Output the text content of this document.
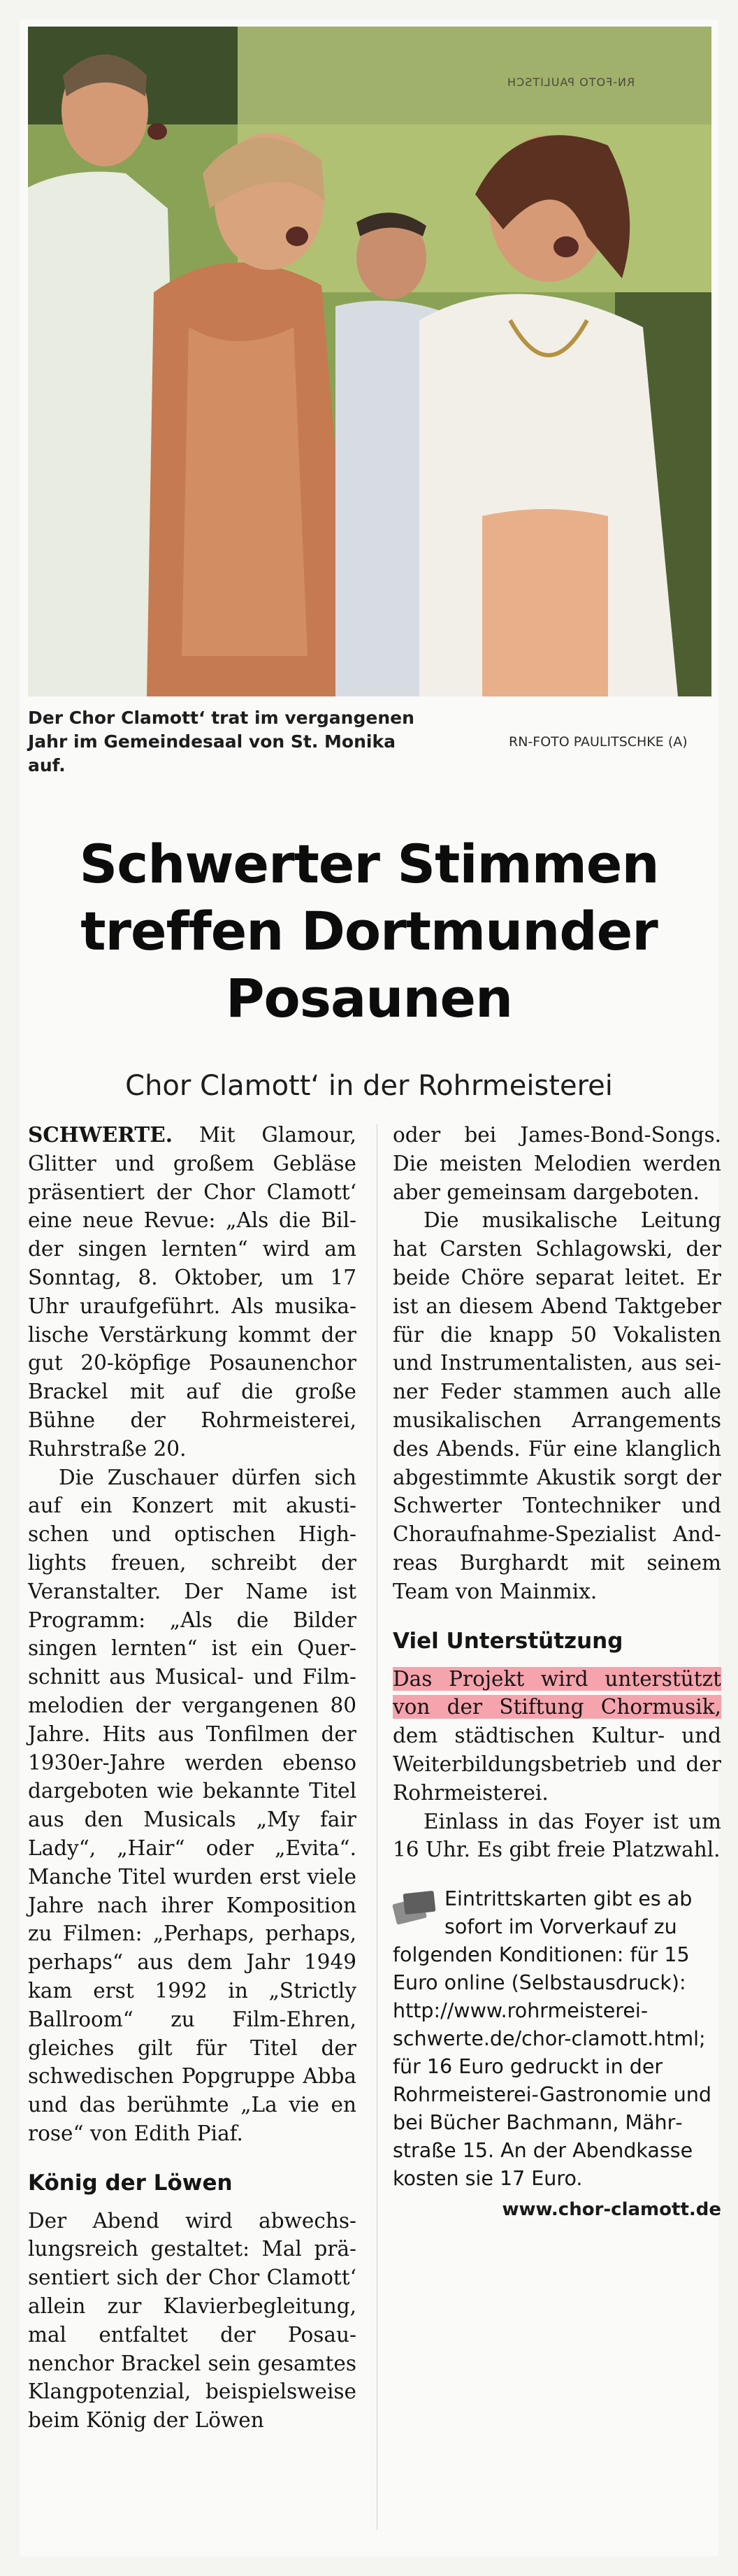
RN-FOTO PAULITSCH
Der Chor Clamott‘ trat im vergangenen Jahr im Gemeindesaal von St. Monika auf.
RN-FOTO PAULITSCHKE (A)
Schwerter Stimmen
treffen Dortmunder
Posaunen
Chor Clamott‘ in der Rohrmeisterei

SCHWERTE. Mit Glamour, Glitter und großem Gebläse präsentiert der Chor Clamott‘ eine neue Revue: „Als die Bilder singen lernten“ wird am Sonntag, 8. Oktober, um 17 Uhr uraufgeführt. Als musikalische Verstärkung kommt der gut 20-köpfige Posaunenchor Brackel mit auf die große Bühne der Rohrmeisterei, Ruhrstraße 20.

Die Zuschauer dürfen sich auf ein Konzert mit akustischen und optischen Highlights freuen, schreibt der Veranstalter. Der Name ist Programm: „Als die Bilder singen lernten“ ist ein Querschnitt aus Musical- und Filmmelodien der vergangenen 80 Jahre. Hits aus Tonfilmen der 1930er-Jahre werden ebenso dargeboten wie bekannte Titel aus den Musicals „My fair Lady“, „Hair“ oder „Evita“. Manche Titel wurden erst viele Jahre nach ihrer Komposition zu Filmen: „Perhaps, perhaps, perhaps“ aus dem Jahr 1949 kam erst 1992 in „Strictly Ballroom“ zu Film-Ehren, gleiches gilt für Titel der schwedischen Popgruppe Abba und das berühmte „La vie en rose“ von Edith Piaf.

König der Löwen

Der Abend wird abwechslungsreich gestaltet: Mal präsentiert sich der Chor Clamott‘ allein zur Klavierbegleitung, mal entfaltet der Posaunenchor Brackel sein gesamtes Klangpotenzial, beispielsweise beim König der Löwen

oder bei James-Bond-Songs. Die meisten Melodien werden aber gemeinsam dargeboten.

Die musikalische Leitung hat Carsten Schlagowski, der beide Chöre separat leitet. Er ist an diesem Abend Taktgeber für die knapp 50 Vokalisten und Instrumentalisten, aus seiner Feder stammen auch alle musikalischen Arrangements des Abends. Für eine klanglich abgestimmte Akustik sorgt der Schwerter Tontechniker und Choraufnahme-Spezialist Andreas Burghardt mit seinem Team von Mainmix.

Viel Unterstützung

Das Projekt wird unterstützt von der Stiftung Chormusik, dem städtischen Kultur- und Weiterbildungsbetrieb und der Rohrmeisterei.

Einlass in das Foyer ist um 16 Uhr. Es gibt freie Platzwahl.

Eintrittskarten gibt es ab sofort im Vorverkauf zu folgenden Konditionen: für 15 Euro online (Selbstausdruck): http://www.rohrmeistereischwerte.de/chor-clamott.html; für 16 Euro gedruckt in der Rohrmeisterei-Gastronomie und bei Bücher Bachmann, Mährstraße 15. An der Abendkasse kosten sie 17 Euro.
www.chor-clamott.de
